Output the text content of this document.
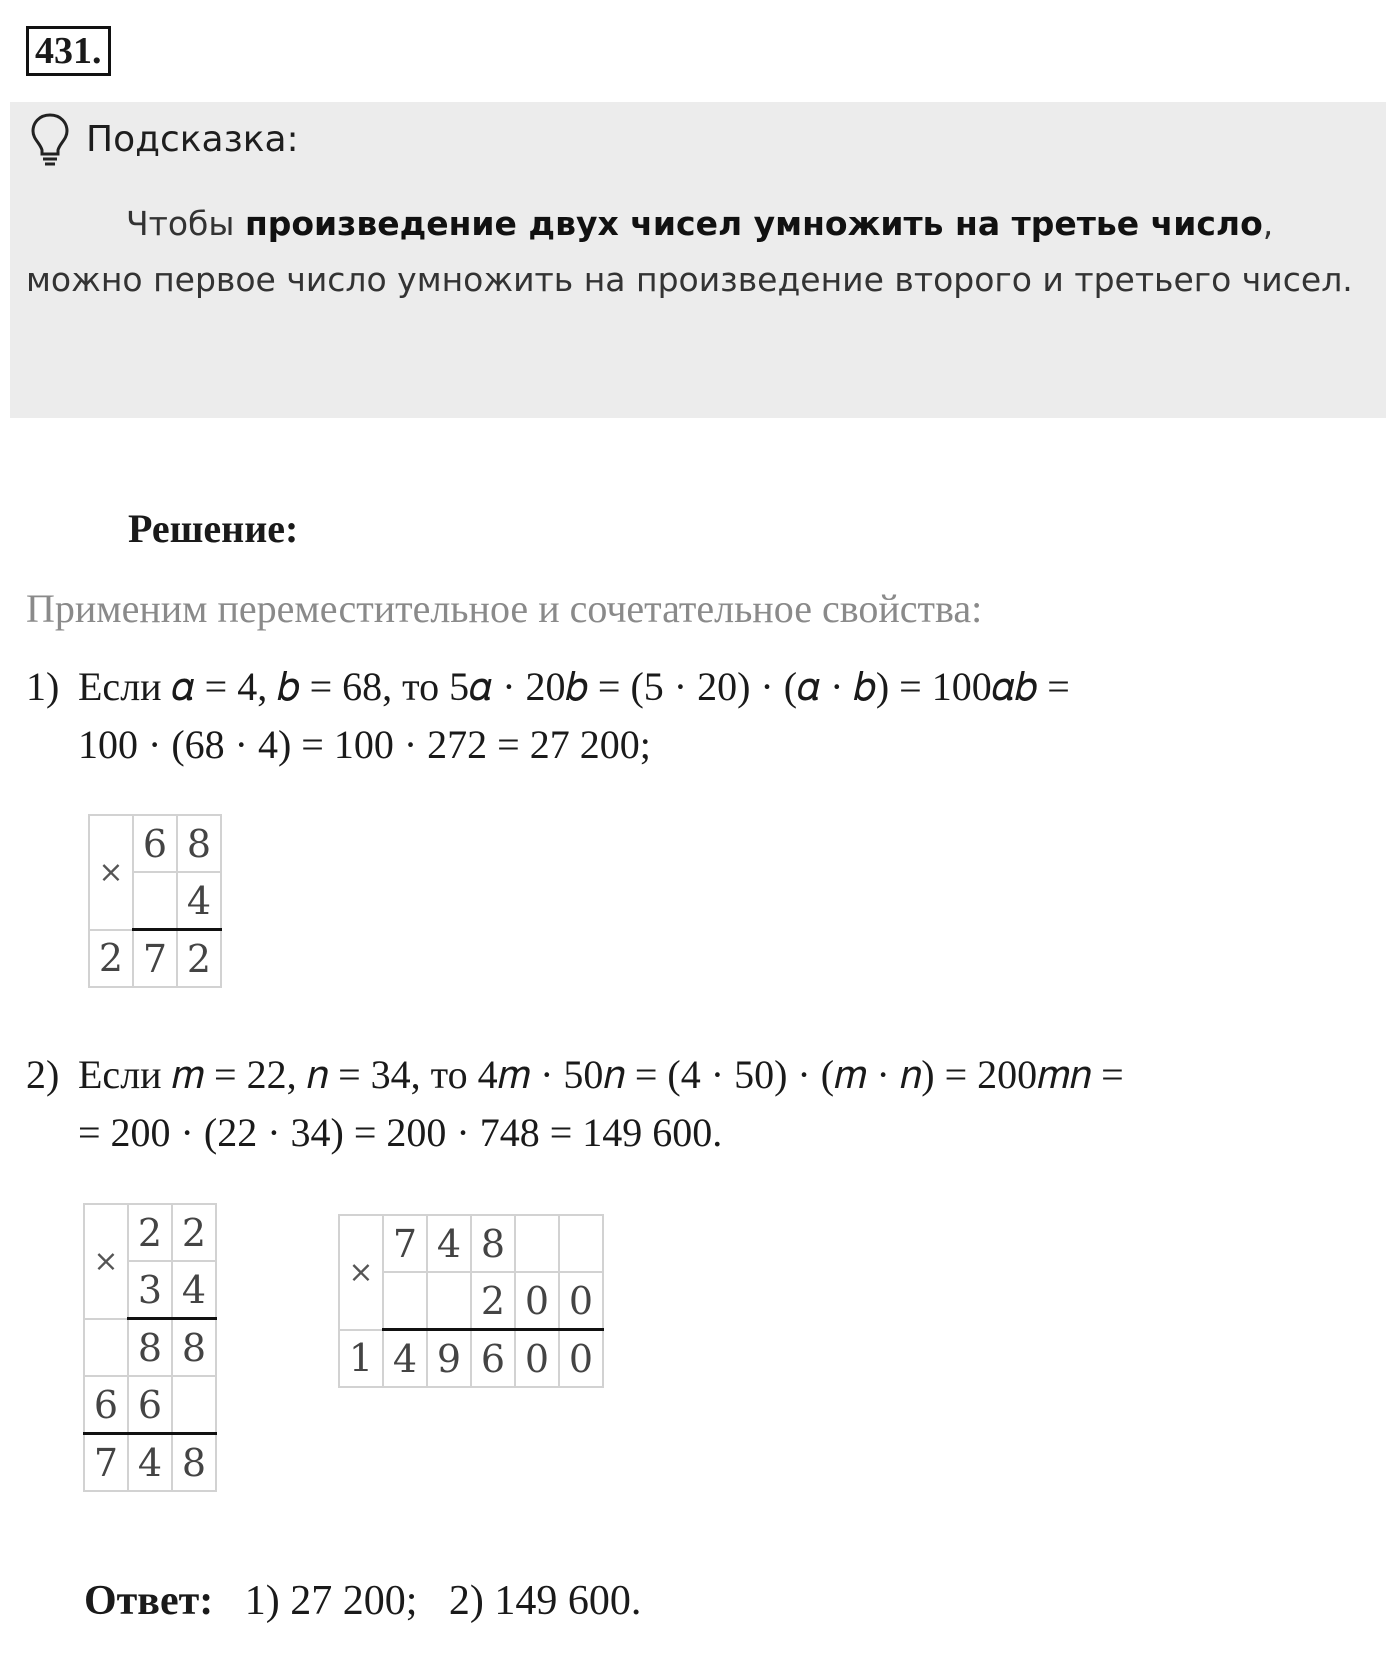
431.
Подсказка:
Чтобы произведение двух чисел умножить на третье число, можно первое число умножить на произведение второго и третьего чисел.
Решение:
Применим переместительное и сочетательное свойства:
1) Если 𝛼 = 4, 𝑏 = 68, то 5𝛼 · 20𝑏 = (5 · 20) · (𝛼 · 𝑏) = 100𝛼𝑏 =
100 · (68 · 4) = 100 · 272 = 27 200;
×	6	8
		4
2	7	2
2) Если 𝑚 = 22, 𝑛 = 34, то 4𝑚 · 50𝑛 = (4 · 50) · (𝑚 · 𝑛) = 200𝑚𝑛 =
= 200 · (22 · 34) = 200 · 748 = 149 600.
×	2	2
	3	4
	8	8
6	6	
7	4	8
×	7	4	8		
			2	0	0
1	4	9	6	0	0
Ответ: 1) 27 200; 2) 149 600.
